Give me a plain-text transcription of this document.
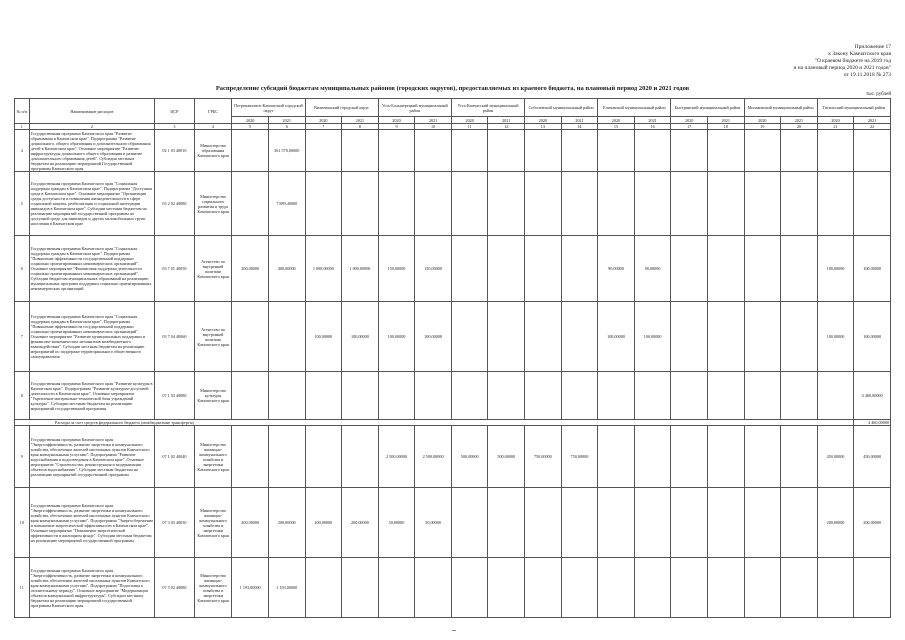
Приложение 17
к Закону Камчатского края
"О краевом бюджете на 2019 год
и на плановый период 2020 и 2021 годов"
от 19.11.2018 № 273
Распределение субсидий бюджетам муниципальных районов (городских округов), предоставляемых из краевого бюджета, на плановый период 2020 и 2021 годов
тыс. рублей
№ п/п	Наименование расходов	ЦСР	ГРБС	Петропавловск-Камчатский городской округ		Вилючинский городской округ		Усть-Большерецкий муниципальный район		Усть-Камчатский муниципальный район		Соболевский муниципальный район		Елизовский муниципальный район		Быстринский муниципальный район		Мильковский муниципальный район		Тигильский муниципальный район	
				2020	2021	2020	2021	2020	2021	2020	2021	2020	2021	2020	2021	2020	2021	2020	2021	2020	2021
1	2	3	4	5	6	7	8	9	10	11	12	13	14	15	16	17	18	19	20	21	22
4	Государственная программа Камчатского края "Развитие образования в Камчатском крае". Подпрограмма "Развитие дошкольного, общего образования и дополнительного образования детей в Камчатском крае". Основное мероприятие "Развитие инфраструктуры дошкольного общего образования и развитие дополнительного образования детей". Субсидии местным бюджетам на реализацию мероприятий Государственной программы Камчатского края	02 1 03 40010	Министерство образования Камчатского края		361 570,00000																
5	Государственная программа Камчатского края "Социальная поддержка граждан в Камчатском крае". Подпрограмма "Доступная среда в Камчатском крае". Основное мероприятие "Организация среды доступности и повышения жизнедеятельности в сфере социальной защиты, реабилитации и социальной интеграции инвалидов в Камчатском крае". Субсидии местным бюджетам на реализацию мероприятий государственной программы по доступной среде для инвалидов и других маломобильных групп населения в Камчатском крае	03 2 02 40080	Министерство социального развития и труда Камчатского края		7 889,40000																
6	Государственная программа Камчатского края "Социальная поддержка граждан в Камчатском крае". Подпрограмма "Повышение эффективности государственной поддержки социально ориентированных некоммерческих организаций". Основное мероприятие "Финансовая поддержка деятельности социально ориентированных некоммерческих организаций". Субсидии бюджетам муниципальных образований на реализацию муниципальных программ поддержки социально ориентированных некоммерческих организаций	03 7 01 40050	Агентство по внутренней политике Камчатского края	200,00000	400,00000	1 000,00000	1 000,00000	150,00000	150,00000					90,00000	90,00000					100,00000	100,00000
7	Государственная программа Камчатского края "Социальная поддержка граждан в Камчатском крае". Подпрограмма "Повышение эффективности государственной поддержки социально ориентированных некоммерческих организаций". Основное мероприятие "Развитие муниципальных поддержки и финансово-экономических механизмов межбюджетного взаимодействия". Субсидии местным бюджетам на реализацию мероприятий по поддержке территориального общественного самоуправления	03 7 04 40060	Агентство по внутренней политике Камчатского края			100,00000	100,00000	100,00000	100,00000					100,00000	100,00000					100,00000	100,00000
8	Государственная программа Камчатского края "Развитие культуры в Камчатском крае". Подпрограмма "Развитие культурно-досуговой деятельности в Камчатском крае". Основное мероприятие "Укрепление материально-технической базы учреждений культуры". Субсидии местным бюджетам на реализацию мероприятий государственной программы	07 1 03 40080	Министерство культуры Камчатского края																		4 460,00000
Расходы за счет средств федерального бюджета (межбюджетные трансферты)																					4 460,00000
9	Государственная программа Камчатского края "Энергоэффективность, развитие энергетики и коммунального хозяйства, обеспечение жителей населенных пунктов Камчатского края коммунальными услугами". Подпрограмма "Развитие водоснабжения и водоотведения в Камчатском крае". Основное мероприятие "Строительство, реконструкция и модернизация объектов водоснабжения". Субсидии местным бюджетам на реализацию мероприятий государственной программы	07 1 02 40040	Министерство жилищно-коммунального хозяйства и энергетики Камчатского края					2 500,00000	2 500,00000	500,00000	500,00000	750,00000	750,00000							450,00000	450,00000
10	Государственная программа Камчатского края "Энергоэффективность, развитие энергетики и коммунального хозяйства, обеспечение жителей населенных пунктов Камчатского края коммунальными услугами". Подпрограмма "Энергосбережение и повышение энергетической эффективности в Камчатском крае". Основное мероприятие "Повышение энергетической эффективности в жилищном фонде". Субсидии местным бюджетам на реализацию мероприятий государственной программы	07 3 03 40050	Министерство жилищно-коммунального хозяйства и энергетики Камчатского края	200,00000	200,00000	200,00000	200,00000	50,00000	50,00000											200,00000	200,00000
11	Государственная программа Камчатского края "Энергоэффективность, развитие энергетики и коммунального хозяйства, обеспечение жителей населенных пунктов Камчатского края коммунальными услугами". Подпрограмма "Подготовка к отопительному периоду". Основное мероприятие "Модернизация объектов коммунальной инфраструктуры". Субсидии местным бюджетам на реализацию мероприятий государственной программы Камчатского края	07 5 02 40080	Министерство жилищно-коммунального хозяйства и энергетики Камчатского края	1 193,00000	1 193,00000																
